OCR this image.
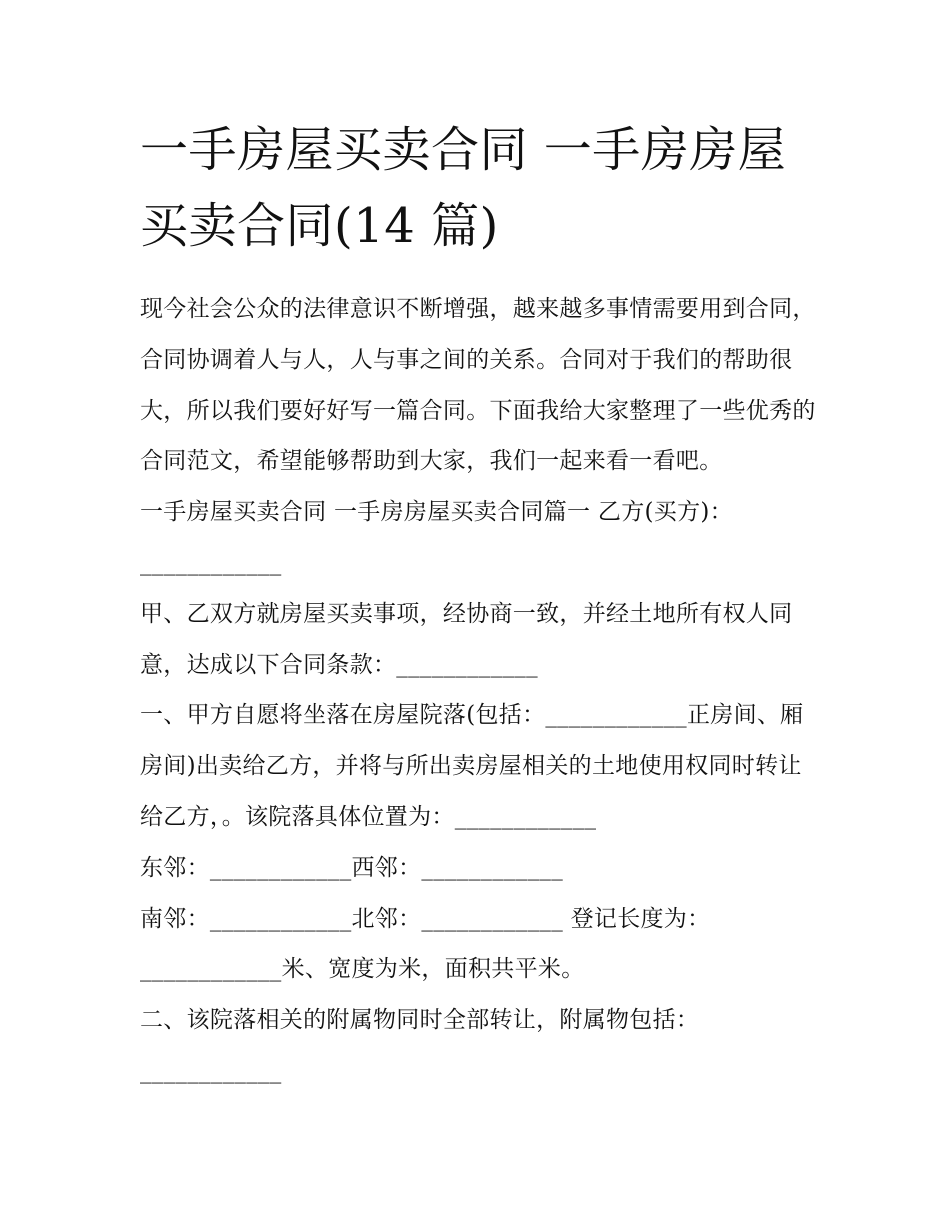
一手房屋买卖合同 一手房房屋买卖合同(14 篇)

现今社会公众的法律意识不断增强，越来越多事情需要用到合同，合同协调着人与人，人与事之间的关系。合同对于我们的帮助很大，所以我们要好好写一篇合同。下面我给大家整理了一些优秀的合同范文，希望能够帮助到大家，我们一起来看一看吧。

一手房屋买卖合同 一手房房屋买卖合同篇一 乙方(买方)：____________

甲、乙双方就房屋买卖事项，经协商一致，并经土地所有权人同意，达成以下合同条款：____________

一、甲方自愿将坐落在房屋院落(包括：____________正房间、厢房间)出卖给乙方，并将与所出卖房屋相关的土地使用权同时转让给乙方，。该院落具体位置为：____________

东邻：____________西邻：____________

南邻：____________北邻：____________ 登记长度为：____________米、宽度为米，面积共平米。

二、该院落相关的附属物同时全部转让，附属物包括：____________
